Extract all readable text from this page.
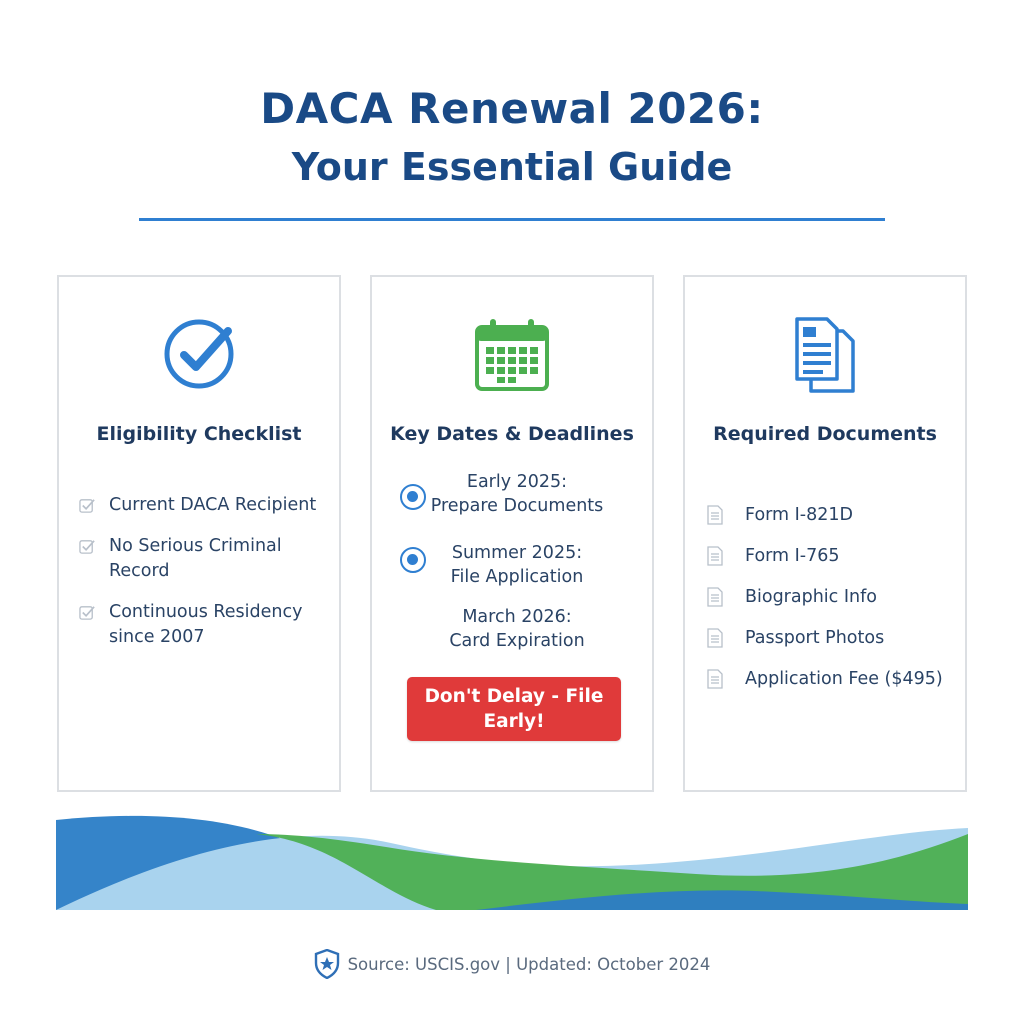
DACA Renewal 2026:
Your Essential Guide
Eligibility Checklist
Current DACA Recipient
No Serious Criminal Record
Continuous Residency since 2007
Key Dates & Deadlines
Early 2025:
Prepare Documents
Summer 2025:
File Application
March 2026:
Card Expiration
Don't Delay - File Early!
Required Documents
Form I-821D
Form I-765
Biographic Info
Passport Photos
Application Fee ($495)
Source: USCIS.gov | Updated: October 2024
